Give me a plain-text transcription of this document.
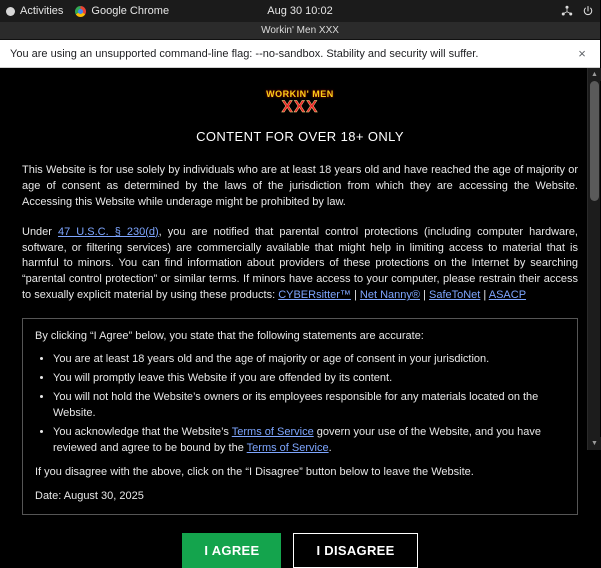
Activities	Google Chrome	Aug 30 10:02
Workin' Men XXX
You are using an unsupported command-line flag: --no-sandbox. Stability and security will suffer.	×
WORKIN' MEN
XXX
CONTENT FOR OVER 18+ ONLY

This Website is for use solely by individuals who are at least 18 years old and have reached the age of majority or age of consent as determined by the laws of the jurisdiction from which they are accessing the Website. Accessing this Website while underage might be prohibited by law.

Under 47 U.S.C. § 230(d), you are notified that parental control protections (including computer hardware, software, or filtering services) are commercially available that might help in limiting access to material that is harmful to minors. You can find information about providers of these protections on the Internet by searching “parental control protection” or similar terms. If minors have access to your computer, please restrain their access to sexually explicit material by using these products: CYBERsitter™ | Net Nanny® | SafeToNet | ASACP

By clicking “I Agree” below, you state that the following statements are accurate:

• You are at least 18 years old and the age of majority or age of consent in your jurisdiction.
• You will promptly leave this Website if you are offended by its content.
• You will not hold the Website’s owners or its employees responsible for any materials located on the Website.
• You acknowledge that the Website’s Terms of Service govern your use of the Website, and you have reviewed and agree to be bound by the Terms of Service.

If you disagree with the above, click on the “I Disagree” button below to leave the Website.

Date: August 30, 2025

I AGREE	I DISAGREE
▲
▼
